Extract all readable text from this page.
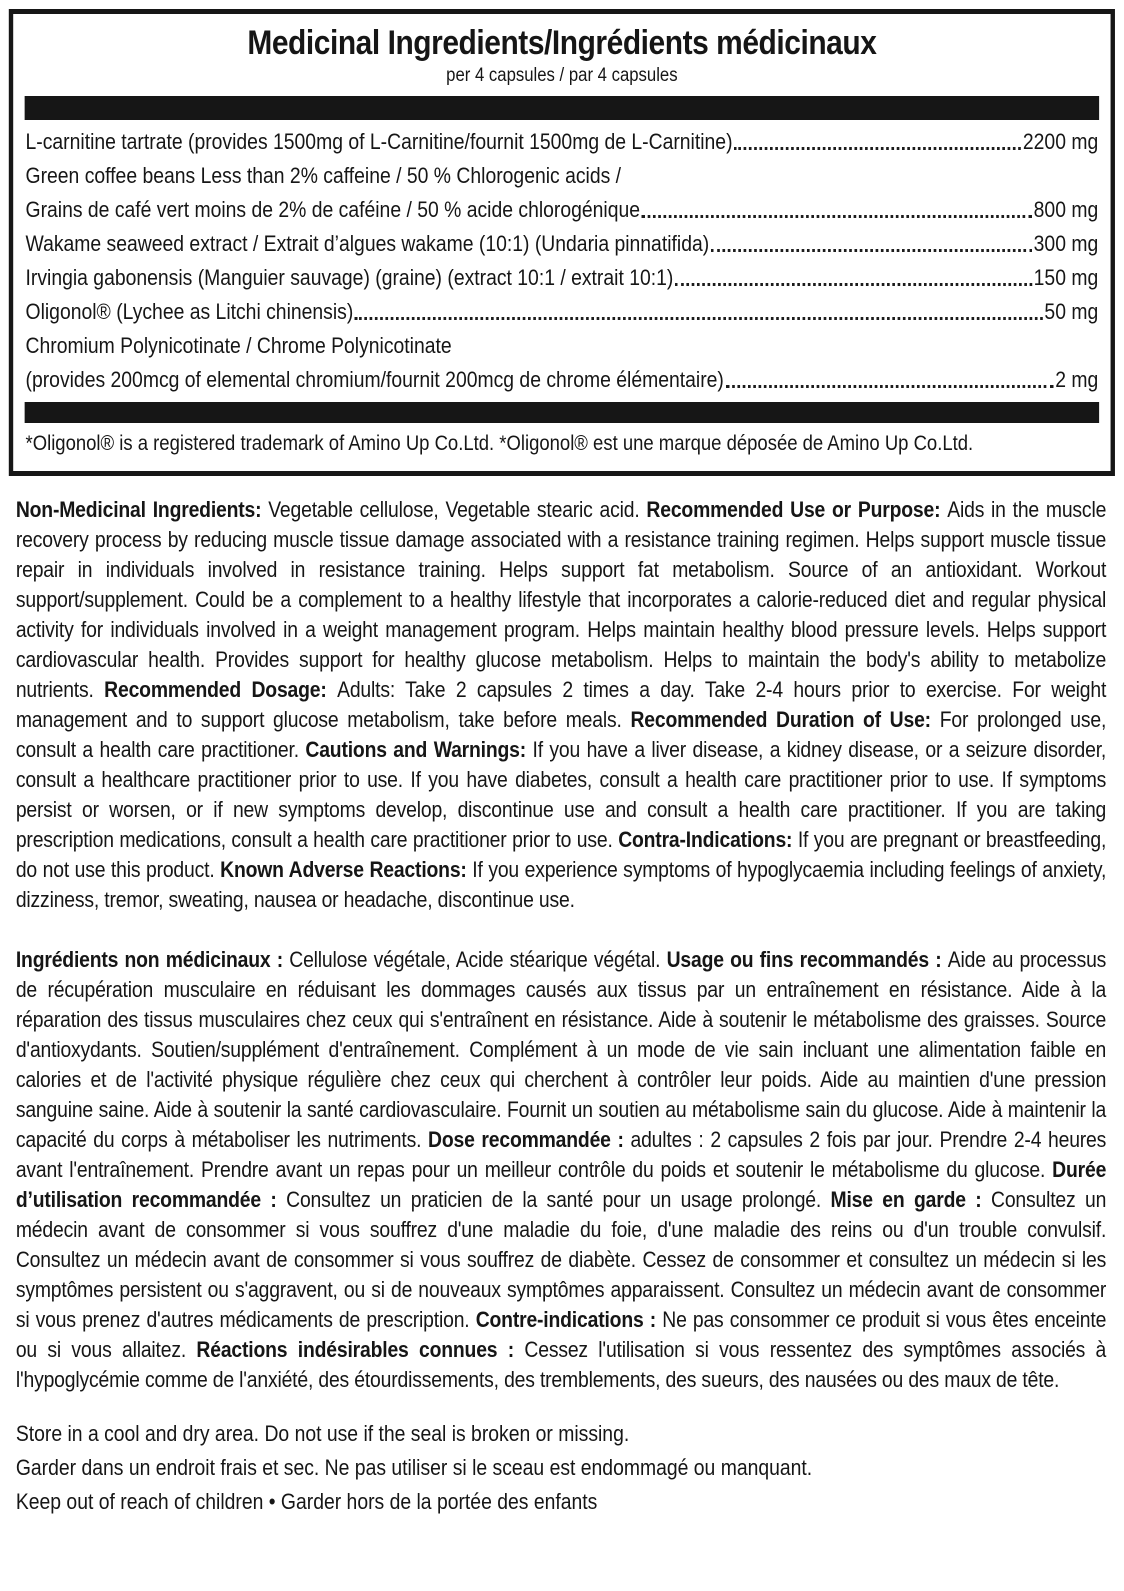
Medicinal Ingredients/Ingrédients médicinaux
per 4 capsules / par 4 capsules
L-carnitine tartrate (provides 1500mg of L-Carnitine/fournit 1500mg de L-Carnitine)	2200 mg
Green coffee beans Less than 2% caffeine / 50 % Chlorogenic acids /
Grains de café vert moins de 2% de caféine / 50 % acide chlorogénique	800 mg
Wakame seaweed extract / Extrait d’algues wakame (10:1) (Undaria pinnatifida)	300 mg
Irvingia gabonensis (Manguier sauvage) (graine) (extract 10:1 / extrait 10:1)	150 mg
Oligonol® (Lychee as Litchi chinensis)	50 mg
Chromium Polynicotinate / Chrome Polynicotinate
(provides 200mcg of elemental chromium/fournit 200mcg de chrome élémentaire)	2 mg
*Oligonol® is a registered trademark of Amino Up Co.Ltd. *Oligonol® est une marque déposée de Amino Up Co.Ltd.
Non-Medicinal Ingredients: Vegetable cellulose, Vegetable stearic acid. Recommended Use or Purpose: Aids in the muscle recovery process by reducing muscle tissue damage associated with a resistance training regimen. Helps support muscle tissue repair in individuals involved in resistance training. Helps support fat metabolism. Source of an antioxidant. Workout support/supplement. Could be a complement to a healthy lifestyle that incorporates a calorie-reduced diet and regular physical activity for individuals involved in a weight management program. Helps maintain healthy blood pressure levels. Helps support cardiovascular health. Provides support for healthy glucose metabolism. Helps to maintain the body's ability to metabolize nutrients. Recommended Dosage: Adults: Take 2 capsules 2 times a day. Take 2-4 hours prior to exercise. For weight management and to support glucose metabolism, take before meals. Recommended Duration of Use: For prolonged use, consult a health care practitioner. Cautions and Warnings: If you have a liver disease, a kidney disease, or a seizure disorder, consult a healthcare practitioner prior to use. If you have diabetes, consult a health care practitioner prior to use. If symptoms persist or worsen, or if new symptoms develop, discontinue use and consult a health care practitioner. If you are taking prescription medications, consult a health care practitioner prior to use. Contra-Indications: If you are pregnant or breastfeeding, do not use this product. Known Adverse Reactions: If you experience symptoms of hypoglycaemia including feelings of anxiety, dizziness, tremor, sweating, nausea or headache, discontinue use.
Ingrédients non médicinaux : Cellulose végétale, Acide stéarique végétal. Usage ou fins recommandés : Aide au processus de récupération musculaire en réduisant les dommages causés aux tissus par un entraînement en résistance. Aide à la réparation des tissus musculaires chez ceux qui s'entraînent en résistance. Aide à soutenir le métabolisme des graisses. Source d'antioxydants. Soutien/supplément d'entraînement. Complément à un mode de vie sain incluant une alimentation faible en calories et de l'activité physique régulière chez ceux qui cherchent à contrôler leur poids. Aide au maintien d'une pression sanguine saine. Aide à soutenir la santé cardiovasculaire. Fournit un soutien au métabolisme sain du glucose. Aide à maintenir la capacité du corps à métaboliser les nutriments. Dose recommandée : adultes : 2 capsules 2 fois par jour. Prendre 2-4 heures avant l'entraînement. Prendre avant un repas pour un meilleur contrôle du poids et soutenir le métabolisme du glucose. Durée d’utilisation recommandée : Consultez un praticien de la santé pour un usage prolongé. Mise en garde : Consultez un médecin avant de consommer si vous souffrez d'une maladie du foie, d'une maladie des reins ou d'un trouble convulsif. Consultez un médecin avant de consommer si vous souffrez de diabète. Cessez de consommer et consultez un médecin si les symptômes persistent ou s'aggravent, ou si de nouveaux symptômes apparaissent. Consultez un médecin avant de consommer si vous prenez d'autres médicaments de prescription. Contre-indications : Ne pas consommer ce produit si vous êtes enceinte ou si vous allaitez. Réactions indésirables connues : Cessez l'utilisation si vous ressentez des symptômes associés à l'hypoglycémie comme de l'anxiété, des étourdissements, des tremblements, des sueurs, des nausées ou des maux de tête.
Store in a cool and dry area. Do not use if the seal is broken or missing.
Garder dans un endroit frais et sec. Ne pas utiliser si le sceau est endommagé ou manquant.
Keep out of reach of children • Garder hors de la portée des enfants
